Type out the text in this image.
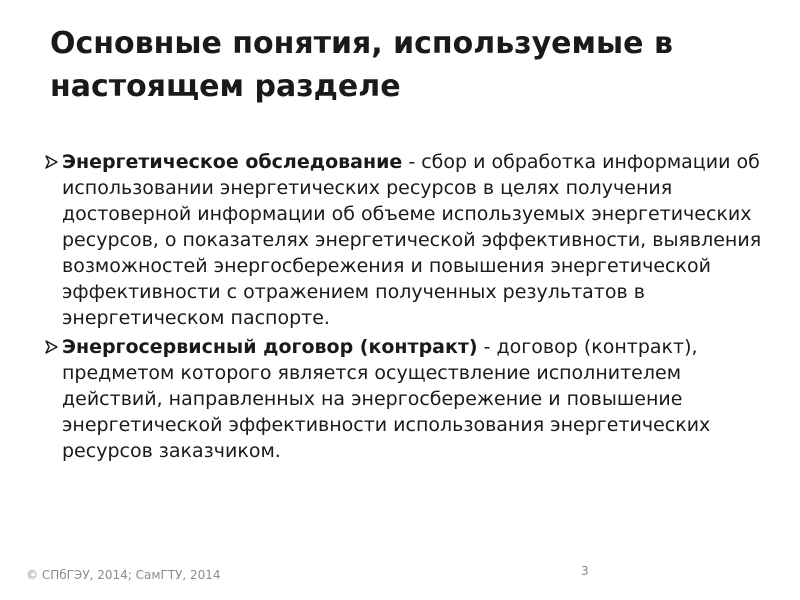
Основные понятия, используемые в настоящем разделе
Энергетическое обследование - сбор и обработка информации об использовании энергетических ресурсов в целях получения достоверной информации об объеме используемых энергетических ресурсов, о показателях энергетической эффективности, выявления возможностей энергосбережения и повышения энергетической эффективности с отражением полученных результатов в энергетическом паспорте.
Энергосервисный договор (контракт) - договор (контракт), предметом которого является осуществление исполнителем действий, направленных на энергосбережение и повышение энергетической эффективности использования энергетических ресурсов заказчиком.
© СПбГЭУ, 2014; СамГТУ, 2014	3
